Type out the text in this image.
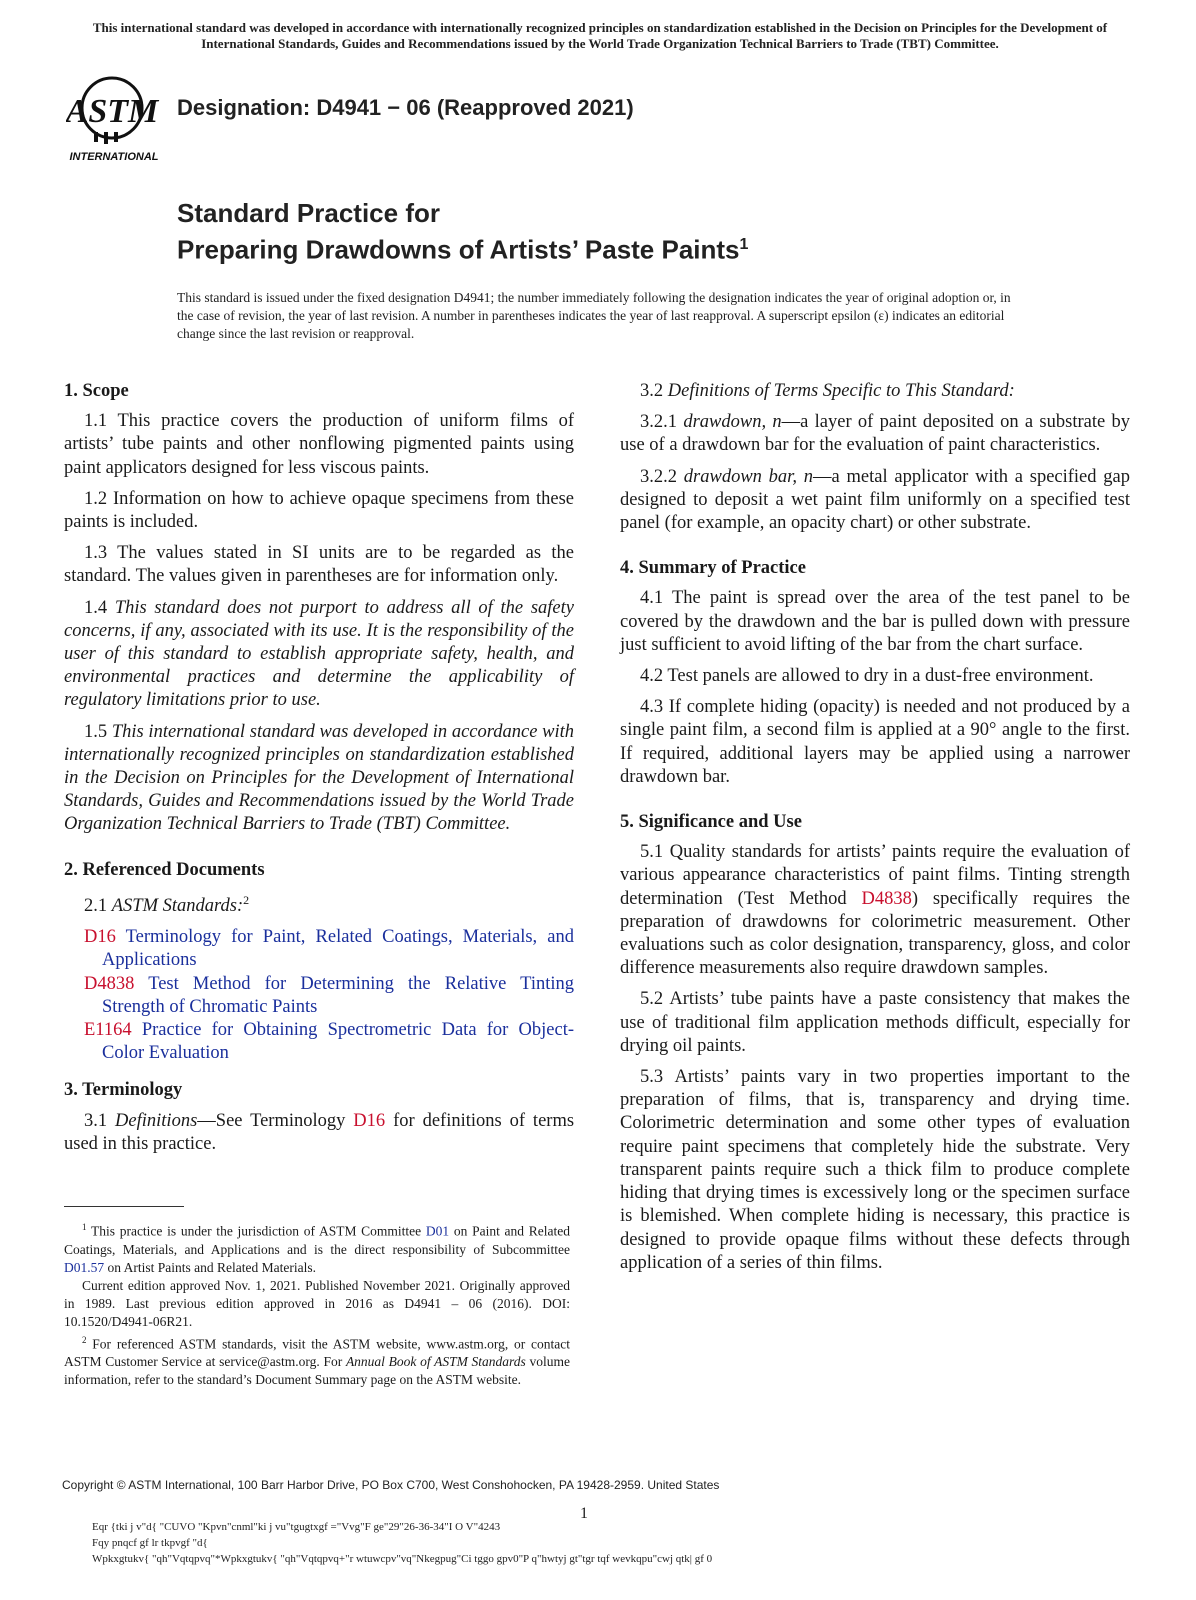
This international standard was developed in accordance with internationally recognized principles on standardization established in the Decision on Principles for the Development of International Standards, Guides and Recommendations issued by the World Trade Organization Technical Barriers to Trade (TBT) Committee.
ASTM
INTERNATIONAL
Designation: D4941 − 06 (Reapproved 2021)
Standard Practice for
Preparing Drawdowns of Artists’ Paste Paints$^1$
This standard is issued under the fixed designation D4941; the number immediately following the designation indicates the year of original adoption or, in the case of revision, the year of last revision. A number in parentheses indicates the year of last reapproval. A superscript epsilon (ε) indicates an editorial change since the last revision or reapproval.
1. Scope

1.1 This practice covers the production of uniform films of artists’ tube paints and other nonflowing pigmented paints using paint applicators designed for less viscous paints.

1.2 Information on how to achieve opaque specimens from these paints is included.

1.3 The values stated in SI units are to be regarded as the standard. The values given in parentheses are for information only.

1.4 This standard does not purport to address all of the safety concerns, if any, associated with its use. It is the responsibility of the user of this standard to establish appropriate safety, health, and environmental practices and determine the applicability of regulatory limitations prior to use.

1.5 This international standard was developed in accordance with internationally recognized principles on standardization established in the Decision on Principles for the Development of International Standards, Guides and Recommendations issued by the World Trade Organization Technical Barriers to Trade (TBT) Committee.

2. Referenced Documents

2.1 ASTM Standards:$^2$

D16 Terminology for Paint, Related Coatings, Materials, and Applications
D4838 Test Method for Determining the Relative Tinting Strength of Chromatic Paints
E1164 Practice for Obtaining Spectrometric Data for Object-Color Evaluation
3. Terminology

3.1 Definitions—See Terminology D16 for definitions of terms used in this practice.

3.2 Definitions of Terms Specific to This Standard:

3.2.1 drawdown, n—a layer of paint deposited on a substrate by use of a drawdown bar for the evaluation of paint characteristics.

3.2.2 drawdown bar, n—a metal applicator with a specified gap designed to deposit a wet paint film uniformly on a specified test panel (for example, an opacity chart) or other substrate.

4. Summary of Practice

4.1 The paint is spread over the area of the test panel to be covered by the drawdown and the bar is pulled down with pressure just sufficient to avoid lifting of the bar from the chart surface.

4.2 Test panels are allowed to dry in a dust-free environment.

4.3 If complete hiding (opacity) is needed and not produced by a single paint film, a second film is applied at a 90° angle to the first. If required, additional layers may be applied using a narrower drawdown bar.

5. Significance and Use

5.1 Quality standards for artists’ paints require the evaluation of various appearance characteristics of paint films. Tinting strength determination (Test Method D4838) specifically requires the preparation of drawdowns for colorimetric measurement. Other evaluations such as color designation, transparency, gloss, and color difference measurements also require drawdown samples.

5.2 Artists’ tube paints have a paste consistency that makes the use of traditional film application methods difficult, especially for drying oil paints.

5.3 Artists’ paints vary in two properties important to the preparation of films, that is, transparency and drying time. Colorimetric determination and some other types of evaluation require paint specimens that completely hide the substrate. Very transparent paints require such a thick film to produce complete hiding that drying times is excessively long or the specimen surface is blemished. When complete hiding is necessary, this practice is designed to provide opaque films without these defects through application of a series of thin films.

$^1$ This practice is under the jurisdiction of ASTM Committee D01 on Paint and Related Coatings, Materials, and Applications and is the direct responsibility of Subcommittee D01.57 on Artist Paints and Related Materials.

Current edition approved Nov. 1, 2021. Published November 2021. Originally approved in 1989. Last previous edition approved in 2016 as D4941 – 06 (2016). DOI: 10.1520/D4941-06R21.

$^2$ For referenced ASTM standards, visit the ASTM website, www.astm.org, or contact ASTM Customer Service at service@astm.org. For Annual Book of ASTM Standards volume information, refer to the standard’s Document Summary page on the ASTM website.

Copyright © ASTM International, 100 Barr Harbor Drive, PO Box C700, West Conshohocken, PA 19428-2959. United States
1
Eqr {tki j v"d{ "CUVO "Kpvn"cnml"ki j vu"tgugtxgf ="Vvg"F ge"29"26-36-34"I O V"4243
Fqy pnqcf gf lr tkpvgf "d{
Wpkxgtukv{ "qh"Vqtqpvq"*Wpkxgtukv{ "qh"Vqtqpvq+"r wtuwcpv"vq"Nkegpug"Ci tggo gpv0"P q"hwtyj gt"tgr tqf wevkqpu"cwj qtk| gf 0
